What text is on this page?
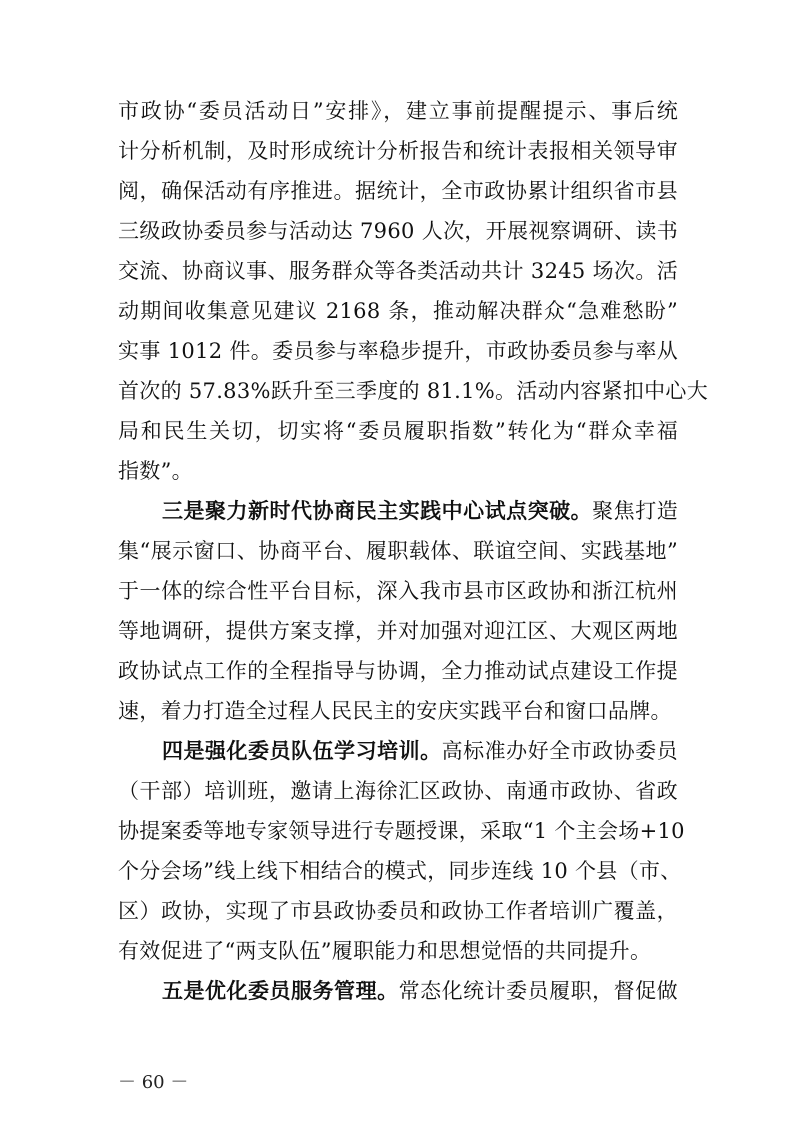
市政协“委员活动日”安排》，建立事前提醒提示、事后统
计分析机制，及时形成统计分析报告和统计表报相关领导审
阅，确保活动有序推进。据统计，全市政协累计组织省市县
三级政协委员参与活动达 7960 人次，开展视察调研、读书
交流、协商议事、服务群众等各类活动共计 3245 场次。活
动期间收集意见建议 2168 条，推动解决群众“急难愁盼”
实事 1012 件。委员参与率稳步提升，市政协委员参与率从
首次的 57.83%跃升至三季度的 81.1%。活动内容紧扣中心大
局和民生关切，切实将“委员履职指数”转化为“群众幸福
指数”。
三是聚力新时代协商民主实践中心试点突破。聚焦打造
集“展示窗口、协商平台、履职载体、联谊空间、实践基地”
于一体的综合性平台目标，深入我市县市区政协和浙江杭州
等地调研，提供方案支撑，并对加强对迎江区、大观区两地
政协试点工作的全程指导与协调，全力推动试点建设工作提
速，着力打造全过程人民民主的安庆实践平台和窗口品牌。
四是强化委员队伍学习培训。高标准办好全市政协委员
（干部）培训班，邀请上海徐汇区政协、南通市政协、省政
协提案委等地专家领导进行专题授课，采取“1 个主会场+10
个分会场”线上线下相结合的模式，同步连线 10 个县（市、
区）政协，实现了市县政协委员和政协工作者培训广覆盖，
有效促进了“两支队伍”履职能力和思想觉悟的共同提升。
五是优化委员服务管理。常态化统计委员履职，督促做
－ 60 －
